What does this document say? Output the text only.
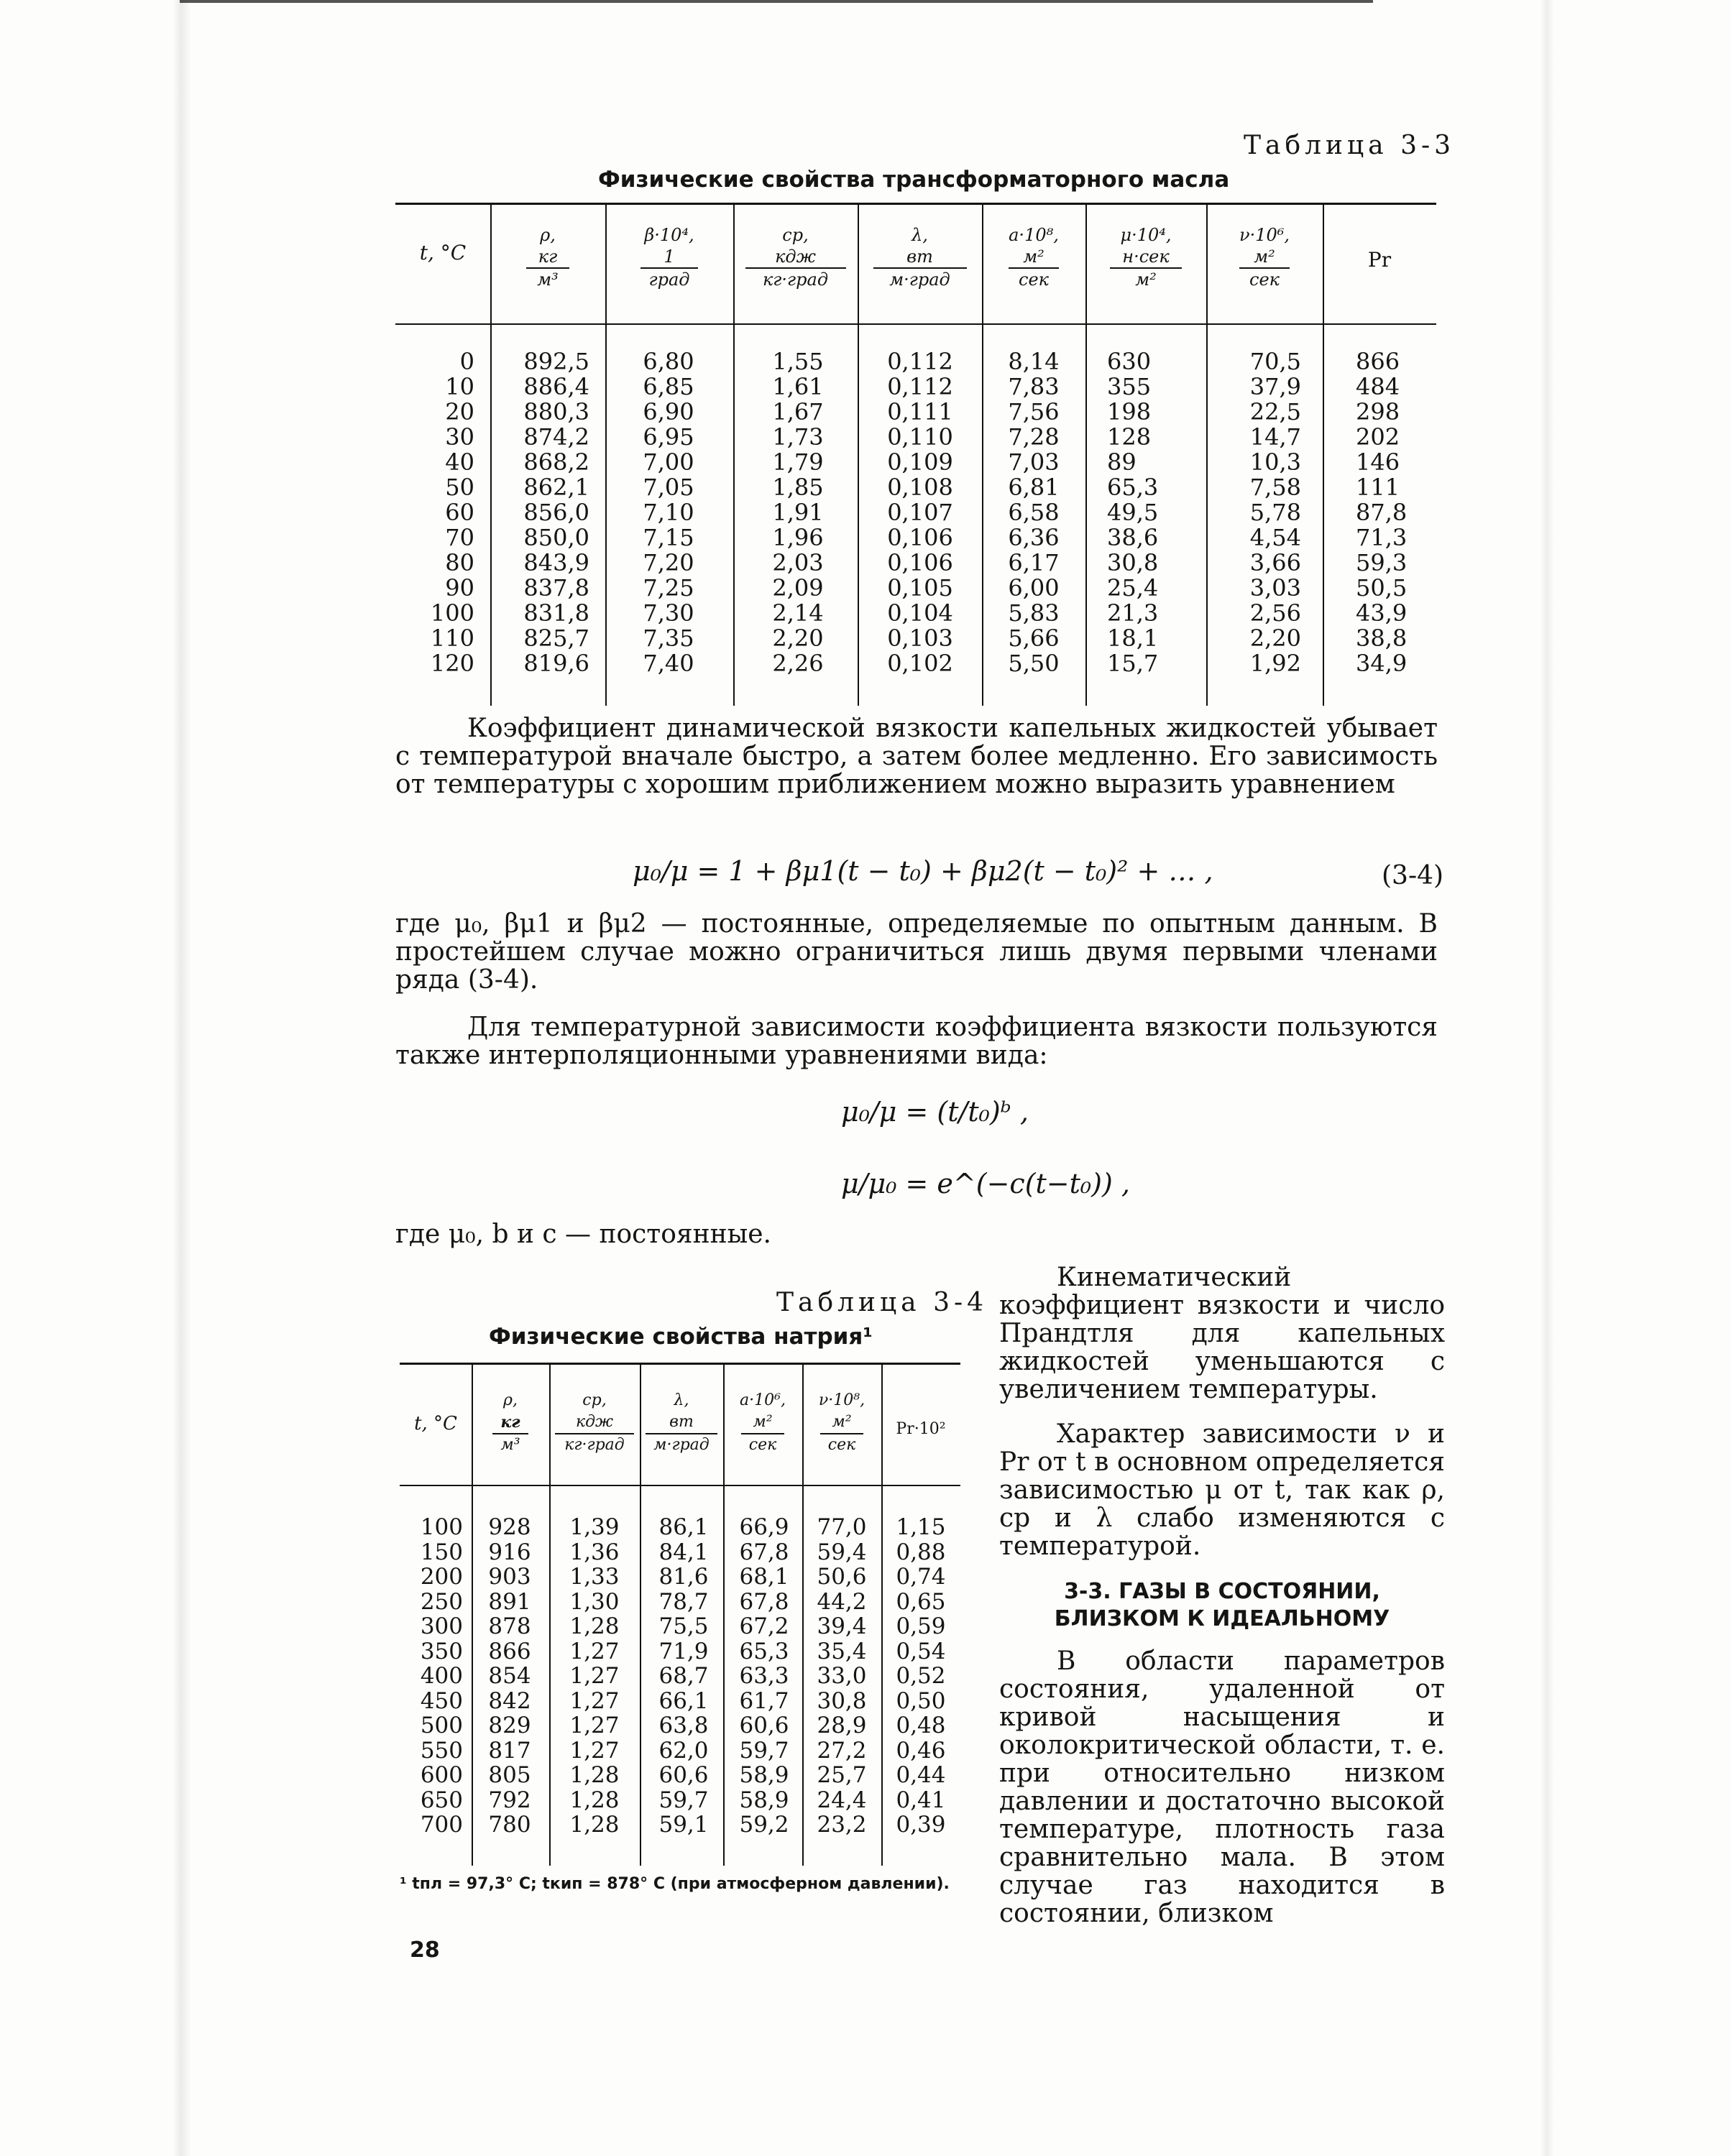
Таблица 3-3
Физические свойства трансформаторного масла
t, °C
ρ,
кг
м³
β·10⁴,
1
град
cp,
кдж
кг·град
λ,
вт
м·град
a·10⁸,
м²
сек
μ·10⁴,
н·сек
м²
ν·10⁶,
м²
сек
Pr
0
10
20
30
40
50
60
70
80
90
100
110
120
892,5
886,4
880,3
874,2
868,2
862,1
856,0
850,0
843,9
837,8
831,8
825,7
819,6
6,80
6,85
6,90
6,95
7,00
7,05
7,10
7,15
7,20
7,25
7,30
7,35
7,40
1,55
1,61
1,67
1,73
1,79
1,85
1,91
1,96
2,03
2,09
2,14
2,20
2,26
0,112
0,112
0,111
0,110
0,109
0,108
0,107
0,106
0,106
0,105
0,104
0,103
0,102
8,14
7,83
7,56
7,28
7,03
6,81
6,58
6,36
6,17
6,00
5,83
5,66
5,50
630
355
198
128
89
65,3
49,5
38,6
30,8
25,4
21,3
18,1
15,7
70,5
37,9
22,5
14,7
10,3
7,58
5,78
4,54
3,66
3,03
2,56
2,20
1,92
866
484
298
202
146
111
87,8
71,3
59,3
50,5
43,9
38,8
34,9
Коэффициент динамической вязкости капельных жидкостей убывает с температурой вначале быстро, а затем более медленно. Его зависимость от температуры с хорошим приближением можно выразить уравнением
μ₀/μ = 1 + βμ1(t − t₀) + βμ2(t − t₀)² + … ,	(3-4)
где μ₀, βμ1 и βμ2 — постоянные, определяемые по опытным данным. В простейшем случае можно ограничиться лишь двумя первыми членами ряда (3-4).
Для температурной зависимости коэффициента вязкости пользуются также интерполяционными уравнениями вида:
μ₀/μ = (t/t₀)ᵇ ,
μ/μ₀ = e^(−c(t−t₀)) ,
где μ₀, b и c — постоянные.
Таблица 3-4
Физические свойства натрия¹
t, °C
ρ,
кг
м³
cp,
кдж
кг·град
λ,
вт
м·град
a·10⁶,
м²
сек
ν·10⁸,
м²
сек
Pr·10²
100
150
200
250
300
350
400
450
500
550
600
650
700
928
916
903
891
878
866
854
842
829
817
805
792
780
1,39
1,36
1,33
1,30
1,28
1,27
1,27
1,27
1,27
1,27
1,28
1,28
1,28
86,1
84,1
81,6
78,7
75,5
71,9
68,7
66,1
63,8
62,0
60,6
59,7
59,1
66,9
67,8
68,1
67,8
67,2
65,3
63,3
61,7
60,6
59,7
58,9
58,9
59,2
77,0
59,4
50,6
44,2
39,4
35,4
33,0
30,8
28,9
27,2
25,7
24,4
23,2
1,15
0,88
0,74
0,65
0,59
0,54
0,52
0,50
0,48
0,46
0,44
0,41
0,39
¹ tпл = 97,3° C; tкип = 878° C (при атмосферном давлении).
28
Кинематический коэффициент вязкости и число Прандтля для капельных жидкостей уменьшаются с увеличением температуры.
Характер зависимости ν и Pr от t в основном определяется зависимостью μ от t, так как ρ, cp и λ слабо изменяются с температурой.
3-3. ГАЗЫ В СОСТОЯНИИ, БЛИЗКОМ К ИДЕАЛЬНОМУ
В области параметров состояния, удаленной от кривой насыщения и околокритической области, т. е. при относительно низком давлении и достаточно высокой температуре, плотность газа сравнительно мала. В этом случае газ находится в состоянии, близком
